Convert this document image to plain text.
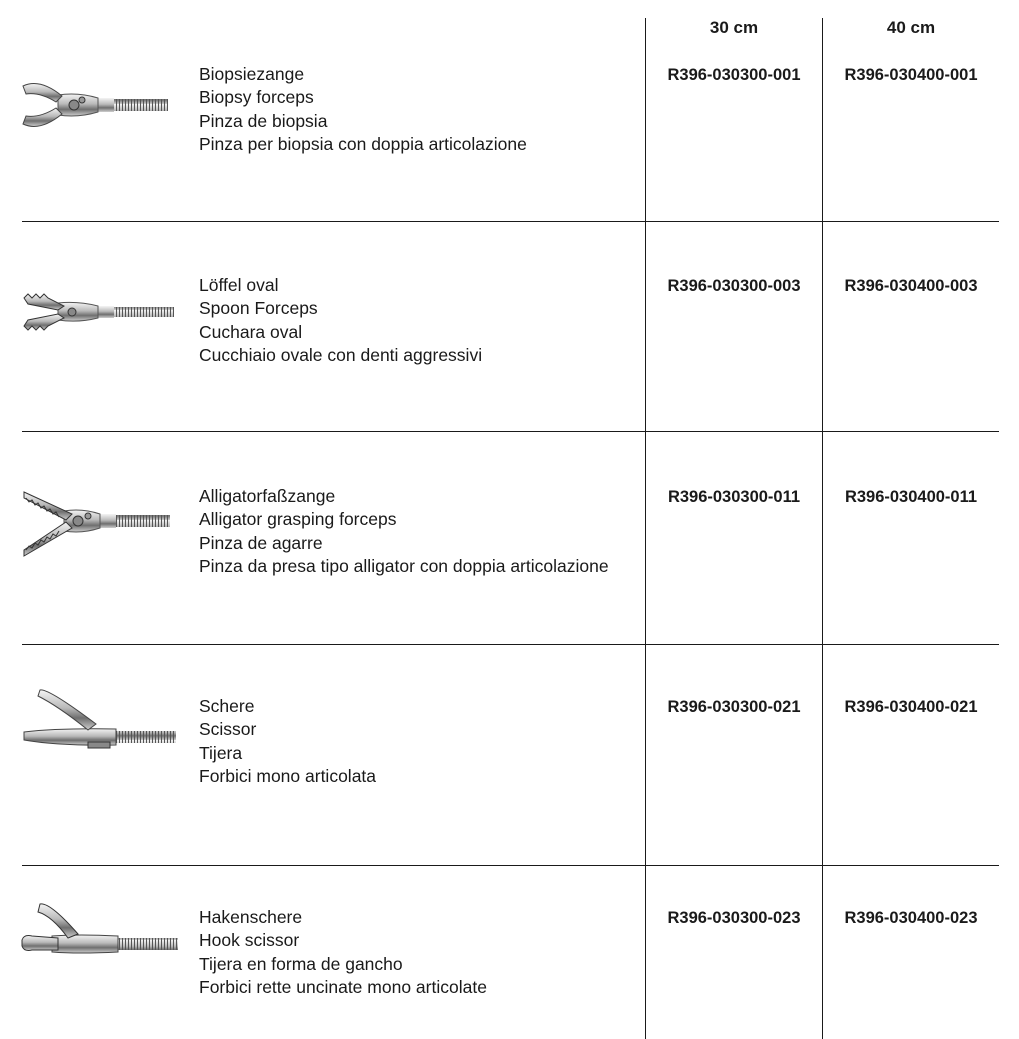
30 cm	40 cm
Biopsiezange
Biopsy forceps
Pinza de biopsia
Pinza per biopsia con doppia articolazione
R396-030300-001	R396-030400-001
Löffel oval
Spoon Forceps
Cuchara oval
Cucchiaio ovale con denti aggressivi
R396-030300-003	R396-030400-003
Alligatorfaßzange
Alligator grasping forceps
Pinza de agarre
Pinza da presa tipo alligator con doppia articolazione
R396-030300-011	R396-030400-011
Schere
Scissor
Tijera
Forbici mono articolata
R396-030300-021	R396-030400-021
Hakenschere
Hook scissor
Tijera en forma de gancho
Forbici rette uncinate mono articolate
R396-030300-023	R396-030400-023
